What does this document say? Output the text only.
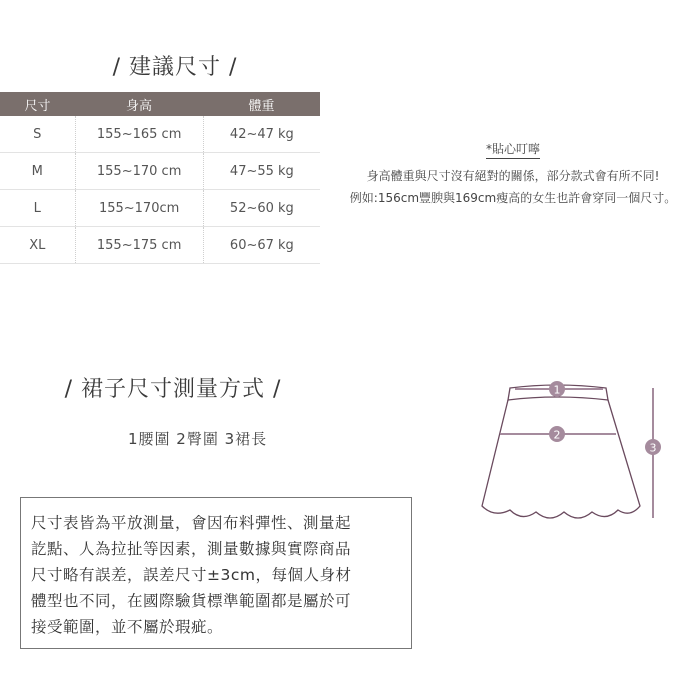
/ 建議尺寸 /
尺寸	身高	體重
S	155~165 cm	42~47 kg
M	155~170 cm	47~55 kg
L	155~170cm	52~60 kg
XL	155~175 cm	60~67 kg
*貼心叮嚀
身高體重與尺寸沒有絕對的關係，部分款式會有所不同!
例如:156cm豐腴與169cm瘦高的女生也許會穿同一個尺寸。
/ 裙子尺寸測量方式 /
1腰圍 2臀圍 3裙長
尺寸表皆為平放測量，會因布料彈性、測量起
訖點、人為拉扯等因素，測量數據與實際商品
尺寸略有誤差，誤差尺寸±3cm，每個人身材
體型也不同，在國際驗貨標準範圍都是屬於可
接受範圍，並不屬於瑕疵。
1
2
3
